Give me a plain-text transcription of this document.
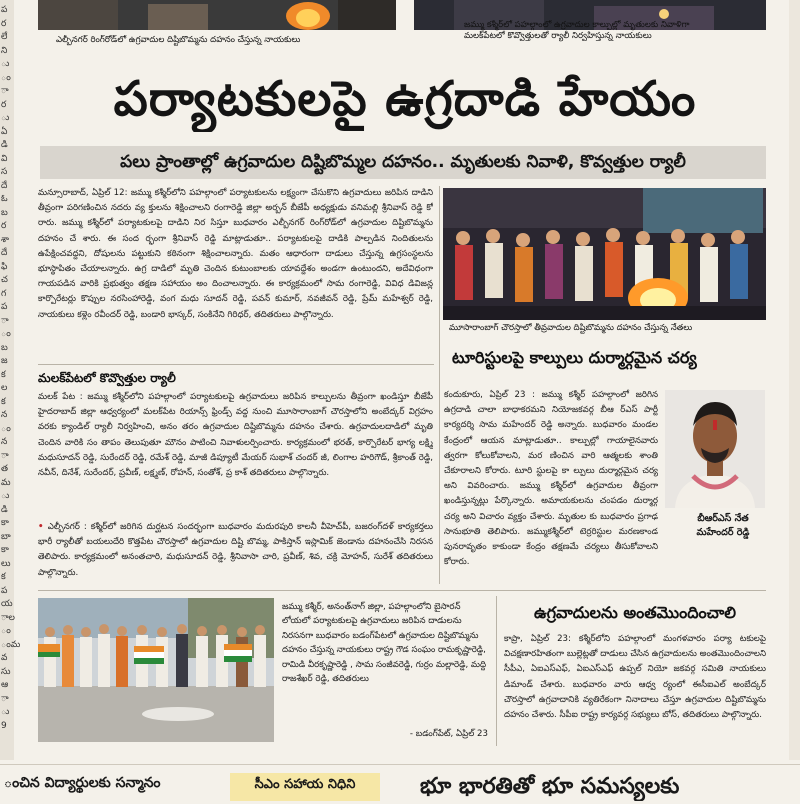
ఎల్బీనగర్ రింగ్‌రోడ్‌లో ఉగ్రవాదుల దిష్టిబొమ్మను దహనం చేస్తున్న నాయకులు
జమ్ము కశ్మీర్‌లో పహల్గాంలో ఉగ్రవాదుల కాల్పుల్లో మృతులకు నివాళిగా
మలక్‌పేటలో కొవ్వొత్తులతో ర్యాలీ నిర్వహిస్తున్న నాయకులు
పర్యాటకులపై ఉగ్రదాడి హేయం
పలు ప్రాంతాల్లో ఉగ్రవాదుల దిష్టిబొమ్మల దహనం.. మృతులకు నివాళి, కొవ్వత్తుల ర్యాలీ
మన్సూరాబాద్, ఏప్రిల్ 12: జమ్ము కశ్మీర్‌లోని పహల్గాంలో పర్యాటకులను లక్ష్యంగా చేసుకొని ఉగ్రవాదులు జరిపిన దాడిని తీవ్రంగా పరిగణించిన నదరు వ్య క్తులను శిక్షించాలని రంగారెడ్డి జిల్లా అర్బన్ బీజేపీ అధ్యక్షుడు వనిమల్లి శ్రీనివాస్ రెడ్డి కో రారు. జమ్ము కశ్మీర్‌లో పర్యాటకులపై దాడిని నిర సిస్తూ బుధవారం ఎల్బీనగర్ రింగ్‌రోడ్‌లో ఉగ్రవాదుల దిష్టిబొమ్మను దహనం చే శారు. ఈ సంద ర్భంగా శ్రీనివాస్ రెడ్డి మాట్లాడుతూ.. పర్యాటకులపై దాడికి పాల్పడిన నిందితులను ఉపేక్షించవద్దని, దోషులను పట్టుకుని కఠినంగా శిక్షించాలన్నారు. మతం ఆధారంగా దాడులు చేస్తున్న ఉగ్రసంస్థలను భూస్థాపితం చేయాలన్నారు. ఉగ్ర దాడిలో మృతి చెందిన కుటుంబాలకు యావద్దేశం అండగా ఉంటుందని, అదేవిధంగా గాయపడిన వారికి ప్రభుత్వం తక్షణ సహాయం అం దించాలన్నారు. ఈ కార్యక్రమంలో సామ రంగారెడ్డి, వివిధ డివిజన్ల కార్పొరేటర్లు కొప్పుల నరసింహారెడ్డి, వంగ మధు సూదన్ రెడ్డి, పవన్ కుమార్, నవజీవన్ రెడ్డి, ప్రేమ్ మహేశ్వర్ రెడ్డి, నాయకులు కళ్లెం రవీందర్ రెడ్డి, బండారి భాస్కర్, సంకినేని గిరిధర్, తదితరులు పాల్గొన్నారు.
మూసారాంబాగ్ చౌరస్తాలో తీవ్రవాదుల దిష్టిబొమ్మను దహనం చేస్తున్న నేతలు
మలక్‌పేటలో కొవ్వొత్తుల ర్యాలీ
మలక్ పేట : జమ్ము కశ్మీర్‌లోని పహల్గాంలో పర్యాటకులపై ఉగ్రవాదులు జరిపిన కాల్పులను తీవ్రంగా ఖండిస్తూ బీజేపీ హైదరాబాద్ జిల్లా ఆధ్వర్యంలో మలక్‌పేట రియాన్స్ ఫ్రిండ్స్ వద్ద నుంచి మూసారాంబాగ్ చౌరస్తాలోని అంబేద్కర్ విగ్రహం వరకు క్యాండిల్ ర్యాలీ నిర్వహించి, అనం తరం ఉగ్రవాదుల దిష్టిబొమ్మను దహనం చేశారు. ఉగ్రవాదులదాడిలో మృతి చెందిన వారికి సం తాపం తెలుపుతూ మౌనం పాటించి నివాళులర్పించారు. కార్యక్రమంలో భరత్, కార్పొరేటర్ భాగ్య లక్ష్మి మధుసూదన్ రెడ్డి, సురేందర్ రెడ్డి, రమేశ్ రెడ్డి, మాజీ డిప్యూటీ మేయర్ సుభాశ్ చందర్ జీ, లింగాల హరిగౌడ్, శ్రీకాంత్ రెడ్డి, నవీన్, దినేశ్, సురేందర్, ప్రవీణ్, లక్ష్మణ్, రోహన్, సంతోశ్, ప్ర కాశ్ తదితరులు పాల్గొన్నారు.
• ఎల్బీనగర్ : కశ్మీర్‌లో జరిగిన దుర్ఘటన సందర్భంగా బుధవారం మదురపురి కాలనీ వీహెచ్‌పీ, బజరంగ్‌దళ్ కార్యకర్తలు భారీ ర్యాలీతో బయలుదేరి కొత్తపేట చౌరస్తాలో ఉగ్రవాదుల దిష్టి బొమ్మ, పాకిస్తాన్ ఇస్లామిక్ జెండాను దహనంచేసి నిరసన తెలిపారు. కార్యక్రమంలో అనంతచారి, మధుసూదన్ రెడ్డి, శ్రీనివాసా చారి, ప్రవీణ్, శివ, చక్రి మోహన్, సురేశ్ తదితరులు పాల్గొన్నారు.
టూరిస్టులపై కాల్పులు దుర్మార్గమైన చర్య
కందుకూరు, ఏప్రిల్ 23 : జమ్ము కశ్మీర్ పహల్గాంలో జరిగిన ఉగ్రదాడి చాలా బాధాకరమని నియోజకవర్గ బీఆ ర్ఎస్ పార్టీ కార్యదర్శి సామ మహేందర్ రెడ్డి అన్నారు. బుధవారం మండల కేంద్రంలో ఆయన మాట్లాడుతూ.. కాల్పుల్లో గాయాలైనవారు త్వరగా కోలుకోవాలని, మర ణించిన వారి ఆత్మలకు శాంతి చేకూరాలని కోరారు. టూరి స్టులపై కా ల్పులు దుర్మార్గమైన చర్య అని వివరించారు. జమ్ము కశ్మీర్‌లో ఉగ్రవాదుల తీవ్రంగా ఖండిస్తున్నట్లు పేర్కొన్నారు. అమాయకులను చంపడం దుర్మార్గ చర్య అని విచారం వ్యక్తం చేశారు. మృతుల కు బుధవారం ప్రగాఢ సానుభూతి తెలిపారు. జమ్ముకశ్మీర్‌లో టెర్రరిస్టుల మరణకాండ పునరావృతం కాకుండా కేంద్రం తక్షణమే చర్యలు తీసుకోవాలని కోరారు.
బీఆర్ఎస్ నేత
మహేందర్ రెడ్డి
జమ్ము కశ్మీర్, అనంత్‌నాగ్ జిల్లా, పహల్గాంలోని బైసారన్ లోయలో పర్యాటకులపై ఉగ్రవాదులు జరిపిన దాడులను నిరసనగా బుధవారం బడంగ్‌పేటలో ఉగ్రవాదుల దిష్టిబొమ్మను దహనం చేస్తున్న నాయకులు రాష్ట్ర గౌడ సంఘం రామకృష్ణారెడ్డి, రామిడి వీరకృష్ణారెడ్డి , సామ సంజీవరెడ్డి, గుర్రం మల్లారెడ్డి, మద్ది రాజశేఖర్ రెడ్డి, తదితరులు
- బడంగ్‌పేట్, ఏప్రిల్ 23
ఉగ్రవాదులను అంతమొందించాలి
కాప్రా, ఏప్రిల్ 23: కశ్మీర్‌లోని పహల్గాంలో మంగళవారం పర్యా టకులపై విచక్షణారహితంగా బుల్లెట్లతో దాడులు చేసిన ఉగ్రవాదులను అంతమొందించాలని సీపీఎ, ఏఐఎస్ఎఫ్, ఏఐఎస్ఎఫ్ ఉప్పల్ నియో జకవర్గ సమితి నాయకులు డిమాండ్ చేశారు. బుధవారం వారు ఆధ్వ ర్యంలో ఈసీఐఎల్ అంబేద్కర్ చౌరస్తాలో ఉగ్రవాదానికి వ్యతిరేకంగా నినాదాలు చేస్తూ ఉగ్రవాదుల దిష్టిబొమ్మను దహనం చేశారు. సీపీఐ రాష్ట్ర కార్యవర్గ సభ్యులు బోస్, తదితరులు పాల్గొన్నారు.
ంచిన విద్యార్థులకు సన్మానం	సీఎం సహాయ నిధిని	భూ భారతితో భూ సమస్యలకు
ప
ర
లే
ని
ు
ం
ా
ర
ు
ఏ
డి
వి
స
దే
ఓ
బ
ర
శా
దే
ఫి
చ
గ
ప
ా
ం
బ
జ
క
ల
క
న
ం
న
ా
త
మ
ు
డి
కా
బా
కా
లు
క
ప
య
ాల
ం
ంమ
వ
సు
ఆ
ా
ు
9
